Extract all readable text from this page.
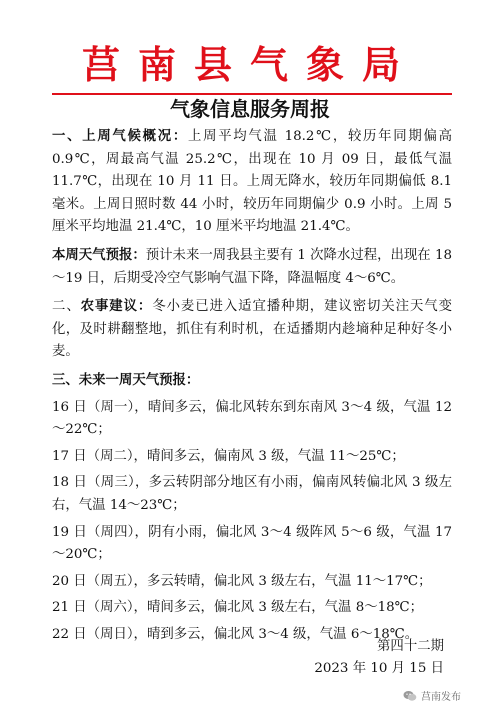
莒南县气象局
气象信息服务周报

一、上周气候概况：上周平均气温 18.2℃，较历年同期偏高 0.9℃，周最高气温 25.2℃，出现在 10 月 09 日，最低气温 11.7℃，出现在 10 月 11 日。上周无降水，较历年同期偏低 8.1 毫米。上周日照时数 44 小时，较历年同期偏少 0.9 小时。上周 5 厘米平均地温 21.4℃，10 厘米平均地温 21.4℃。

本周天气预报：预计未来一周我县主要有 1 次降水过程，出现在 18～19 日，后期受冷空气影响气温下降，降温幅度 4～6℃。

二、农事建议：冬小麦已进入适宜播种期，建议密切关注天气变化，及时耕翻整地，抓住有利时机，在适播期内趁墒种足种好冬小麦。

三、未来一周天气预报：

16 日（周一），晴间多云，偏北风转东到东南风 3～4 级，气温 12～22℃；

17 日（周二），晴间多云，偏南风 3 级，气温 11～25℃；

18 日（周三），多云转阴部分地区有小雨，偏南风转偏北风 3 级左右，气温 14～23℃；

19 日（周四），阴有小雨，偏北风 3～4 级阵风 5～6 级，气温 17～20℃；

20 日（周五），多云转晴，偏北风 3 级左右，气温 11～17℃；

21 日（周六），晴间多云，偏北风 3 级左右，气温 8～18℃；

22 日（周日），晴到多云，偏北风 3～4 级，气温 6～18℃。

第四十二期
2023 年 10 月 15 日
莒南发布
